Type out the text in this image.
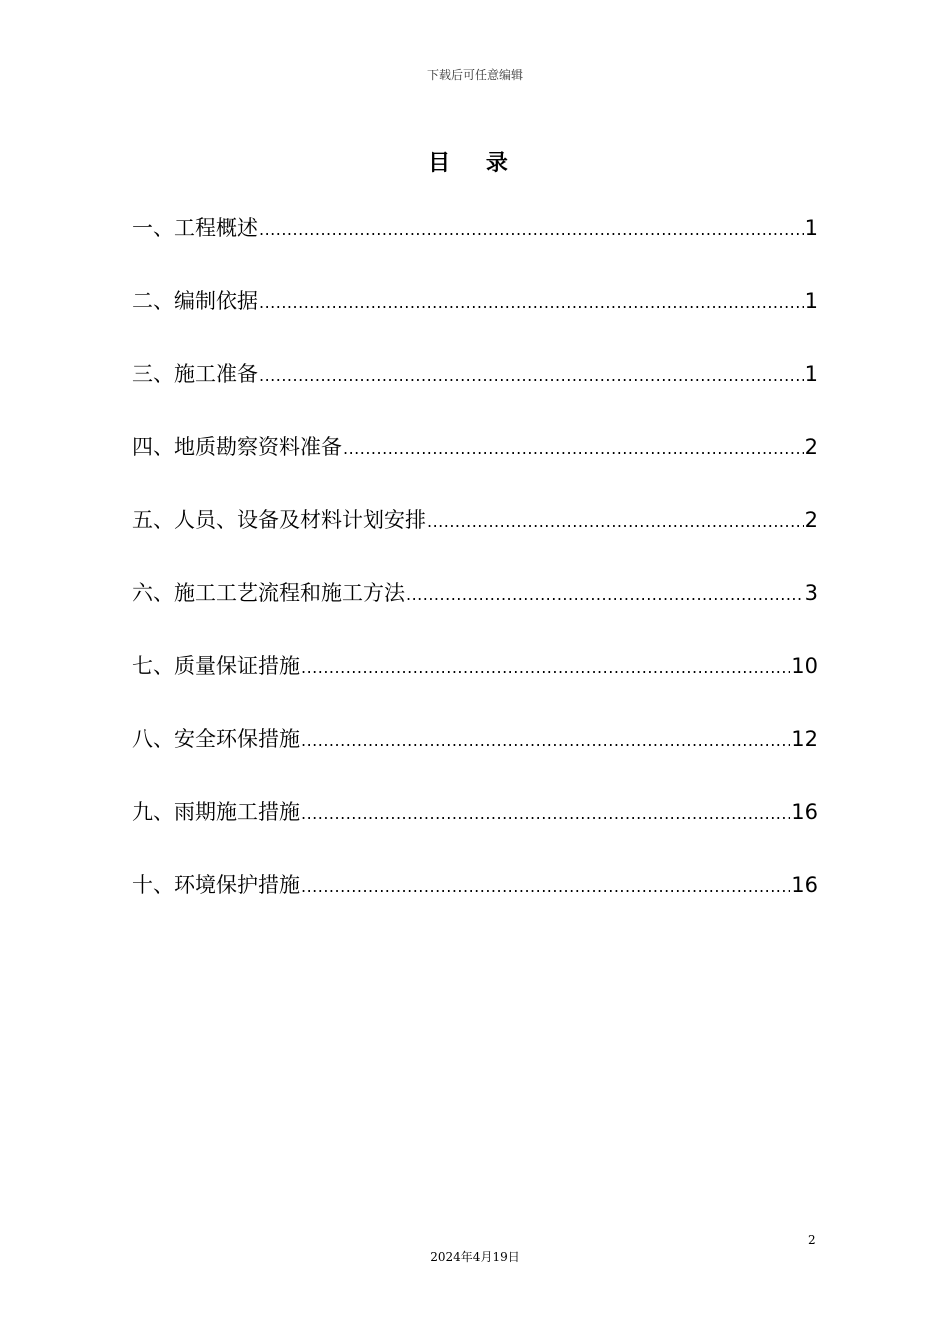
下载后可任意编辑
目 录
一、工程概述 .....	1
二、编制依据 .....	1
三、施工准备 .....	1
四、地质勘察资料准备 .....	2
五、人员、设备及材料计划安排 .....	2
六、施工工艺流程和施工方法 .....	3
七、质量保证措施 .....	10
八、安全环保措施 .....	12
九、雨期施工措施 .....	16
十、环境保护措施 .....	16
2
2024年4月19日
